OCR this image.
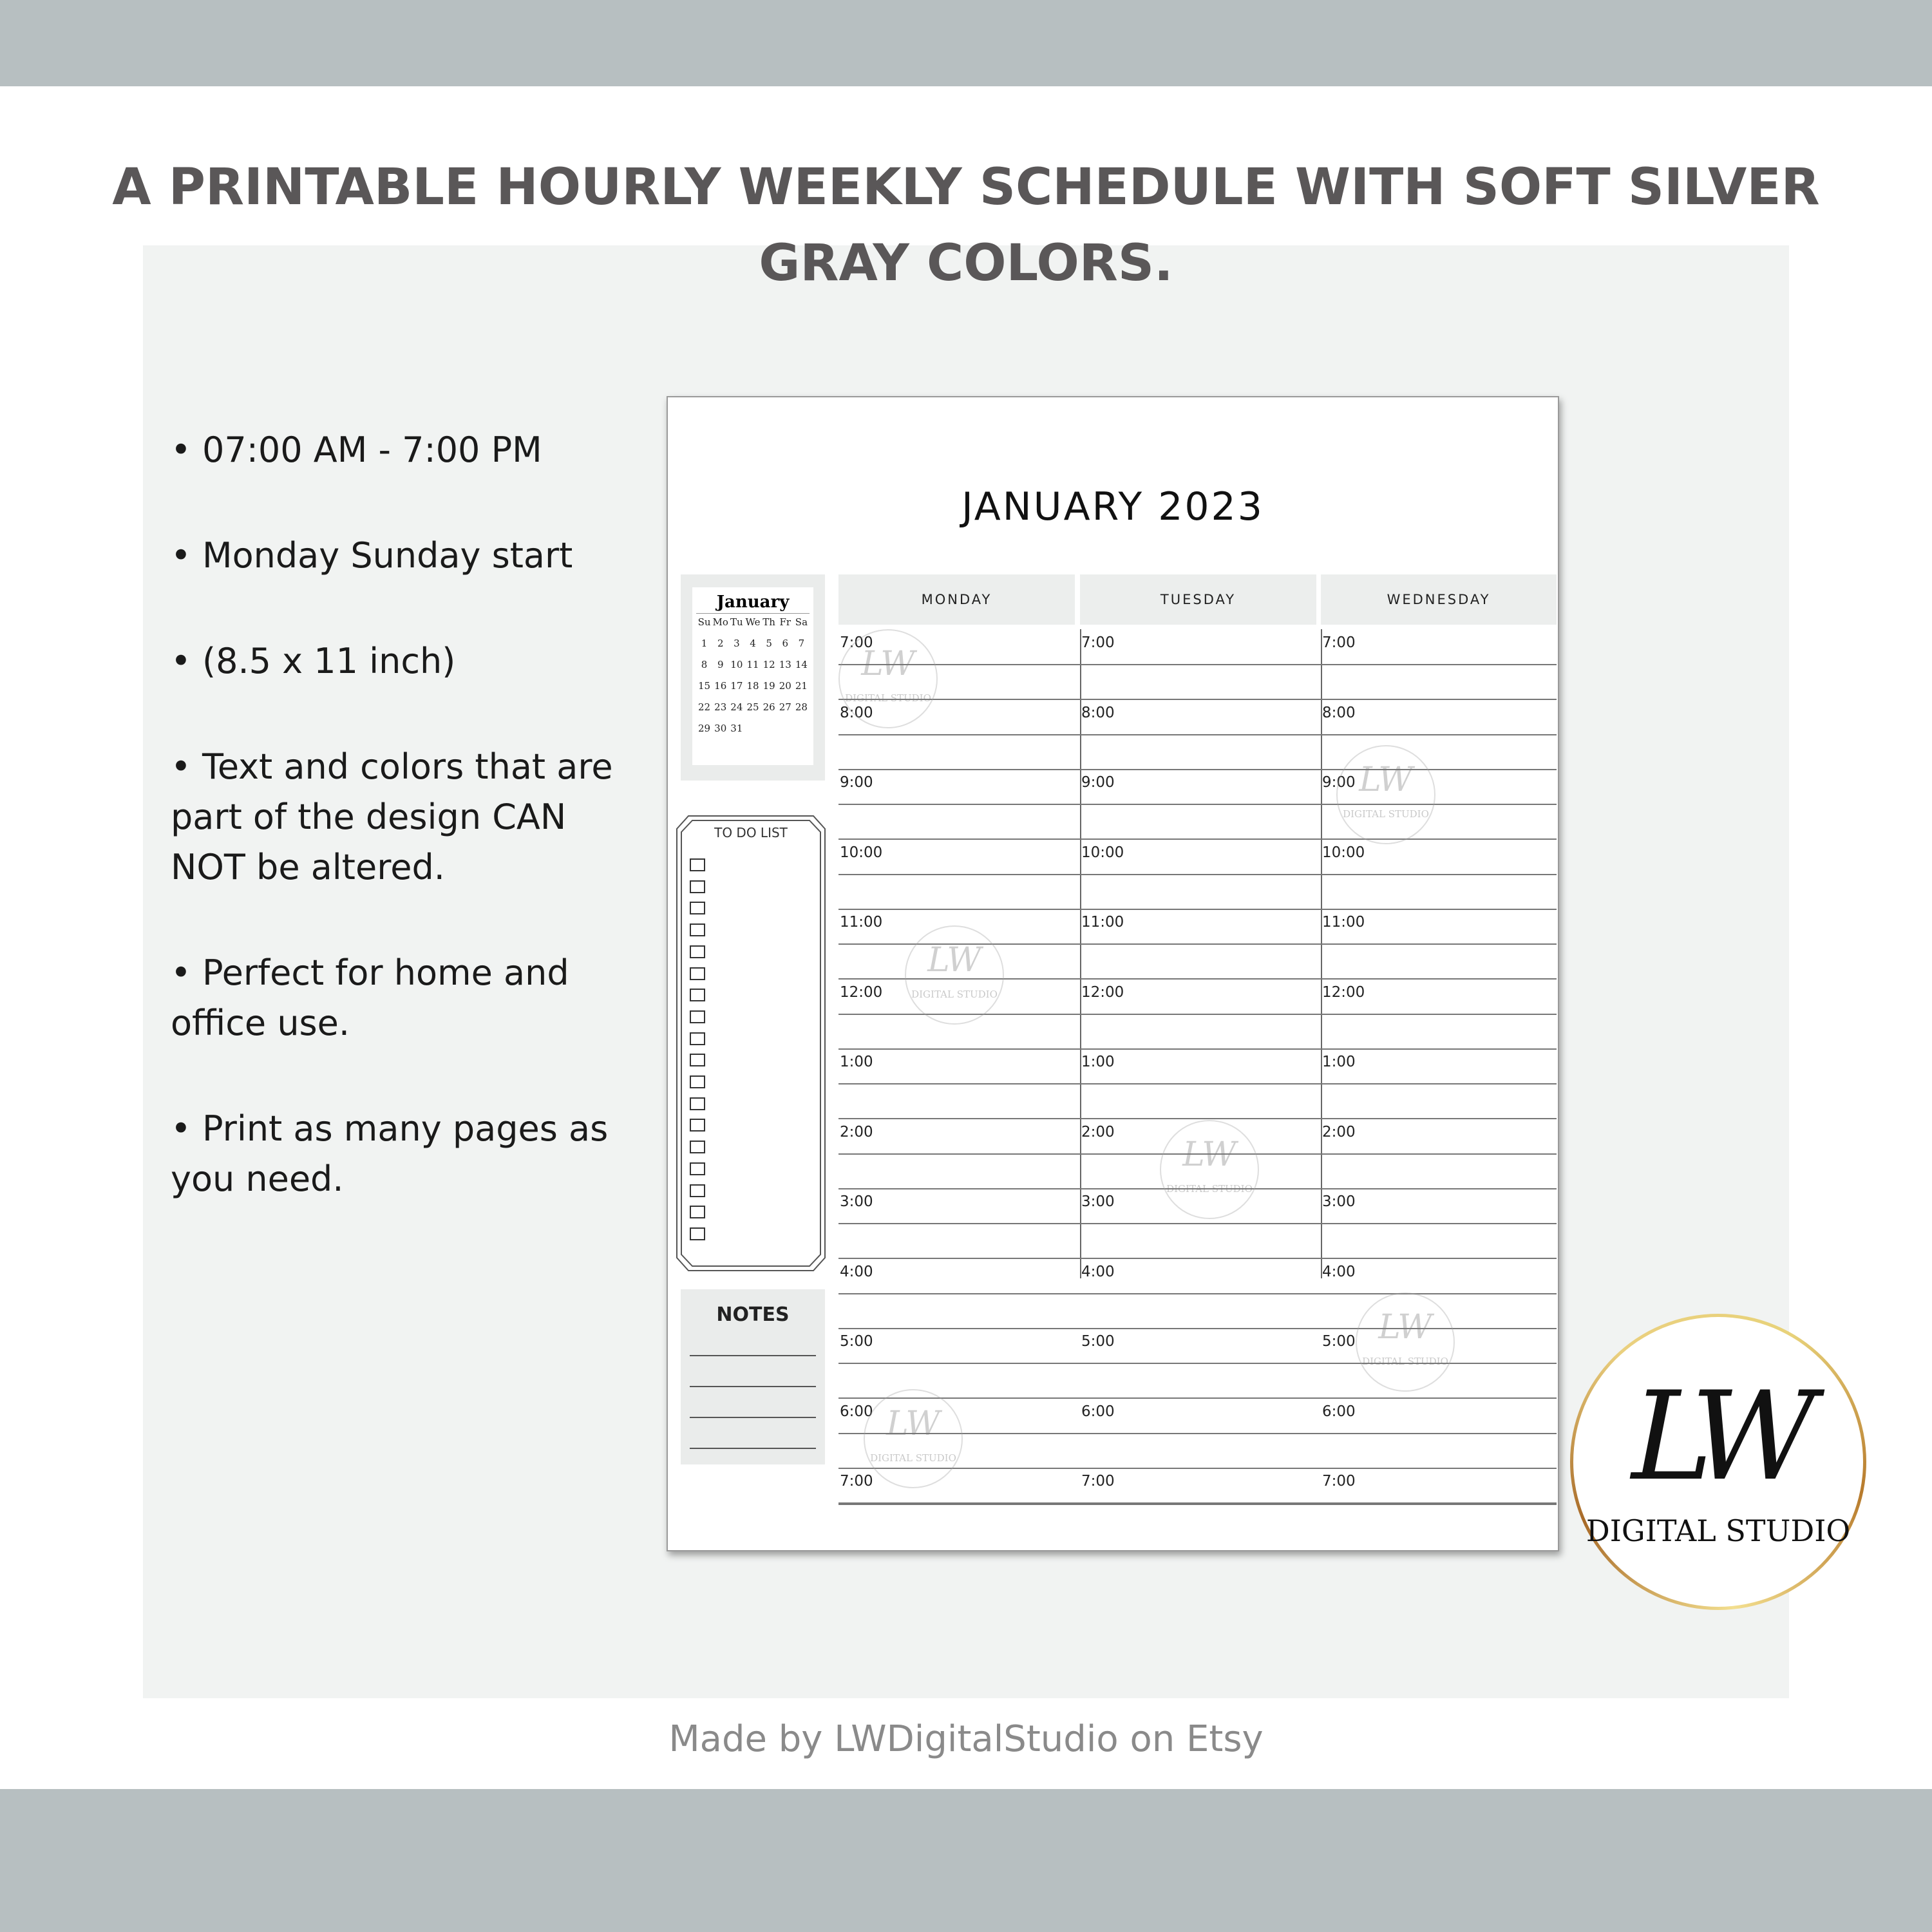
A PRINTABLE HOURLY WEEKLY SCHEDULE WITH SOFT SILVER GRAY COLORS.
• 07:00 AM - 7:00 PM
• Monday Sunday start
• (8.5 x 11 inch)
• Text and colors that are part of the design CAN NOT be altered.
• Perfect for home and office use.
• Print as many pages as you need.
JANUARY 2023
January
Su Mo Tu We Th Fr Sa
1	2	3	4	5	6	7
8	9 10 11 12 13 14
15 16 17 18 19 20 21
22 23 24 25 26 27 28
29 30 31
TO DO LIST
NOTES
MONDAY	TUESDAY	WEDNESDAY
7:00	7:00	7:00
8:00	8:00	8:00
9:00	9:00	9:00
10:00	10:00	10:00
11:00	11:00	11:00
12:00	12:00	12:00
1:00	1:00	1:00
2:00	2:00	2:00
3:00	3:00	3:00
4:00	4:00	4:00
5:00	5:00	5:00
6:00	6:00	6:00
7:00	7:00	7:00
LW
DIGITAL STUDIO
LW
DIGITAL STUDIO
LW
DIGITAL STUDIO
LW
DIGITAL STUDIO
LW
DIGITAL STUDIO
LW
DIGITAL STUDIO	LW
DIGITAL STUDIO
Made by LWDigitalStudio on Etsy
